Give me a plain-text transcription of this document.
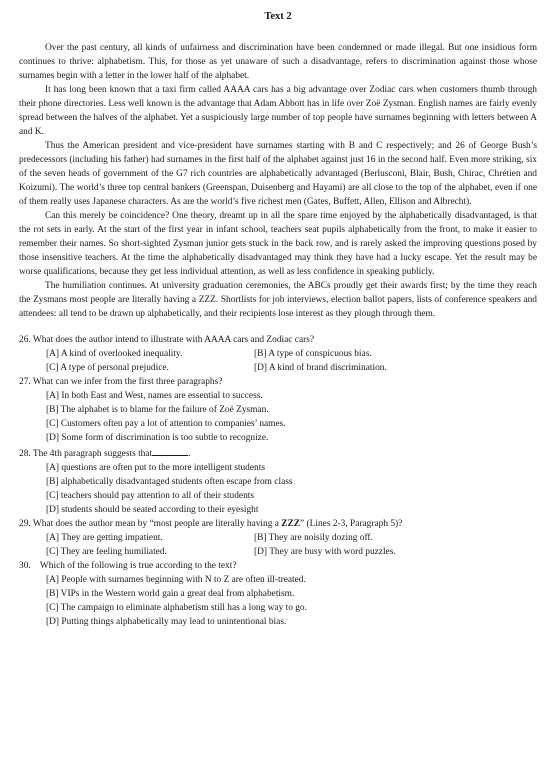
Text 2

Over the past century, all kinds of unfairness and discrimination have been condemned or made illegal. But one insidious form continues to thrive: alphabetism. This, for those as yet unaware of such a disadvantage, refers to discrimination against those whose surnames begin with a letter in the lower half of the alphabet.

It has long been known that a taxi firm called AAAA cars has a big advantage over Zodiac cars when customers thumb through their phone directories. Less well known is the advantage that Adam Abbott has in life over Zoë Zysman. English names are fairly evenly spread between the halves of the alphabet. Yet a suspiciously large number of top people have surnames beginning with letters between A and K.

Thus the American president and vice-president have surnames starting with B and C respectively; and 26 of George Bush’s predecessors (including his father) had surnames in the first half of the alphabet against just 16 in the second half. Even more striking, six of the seven heads of government of the G7 rich countries are alphabetically advantaged (Berlusconi, Blair, Bush, Chirac, Chrétien and Koizumi). The world’s three top central bankers (Greenspan, Duisenberg and Hayami) are all close to the top of the alphabet, even if one of them really uses Japanese characters. As are the world’s five richest men (Gates, Buffett, Allen, Ellison and Albrecht).

Can this merely be coincidence? One theory, dreamt up in all the spare time enjoyed by the alphabetically disadvantaged, is that the rot sets in early. At the start of the first year in infant school, teachers seat pupils alphabetically from the front, to make it easier to remember their names. So short-sighted Zysman junior gets stuck in the back row, and is rarely asked the improving questions posed by those insensitive teachers. At the time the alphabetically disadvantaged may think they have had a lucky escape. Yet the result may be worse qualifications, because they get less individual attention, as well as less confidence in speaking publicly.

The humiliation continues. At university graduation ceremonies, the ABCs proudly get their awards first; by the time they reach the Zysmans most people are literally having a ZZZ. Shortlists for job interviews, election ballot papers, lists of conference speakers and attendees: all tend to be drawn up alphabetically, and their recipients lose interest as they plough through them.

26. What does the author intend to illustrate with AAAA cars and Zodiac cars?
[A] A kind of overlooked inequality.	[B] A type of conspicuous bias.
[C] A type of personal prejudice.	[D] A kind of brand discrimination.
27. What can we infer from the first three paragraphs?
[A] In both East and West, names are essential to success.
[B] The alphabet is to blame for the failure of Zoë Zysman.
[C] Customers often pay a lot of attention to companies’ names.
[D] Some form of discrimination is too subtle to recognize.
28. The 4th paragraph suggests that	.
[A] questions are often put to the more intelligent students
[B] alphabetically disadvantaged students often escape from class
[C] teachers should pay attention to all of their students
[D] students should be seated according to their eyesight
29. What does the author mean by “most people are literally having a ZZZ” (Lines 2-3, Paragraph 5)?
[A] They are getting impatient.	[B] They are noisily dozing off.
[C] They are feeling humiliated.	[D] They are busy with word puzzles.
30.    Which of the following is true according to the text?
[A] People with surnames beginning with N to Z are often ill-treated.
[B] VIPs in the Western world gain a great deal from alphabetism.
[C] The campaign to eliminate alphabetism still has a long way to go.
[D] Putting things alphabetically may lead to unintentional bias.
